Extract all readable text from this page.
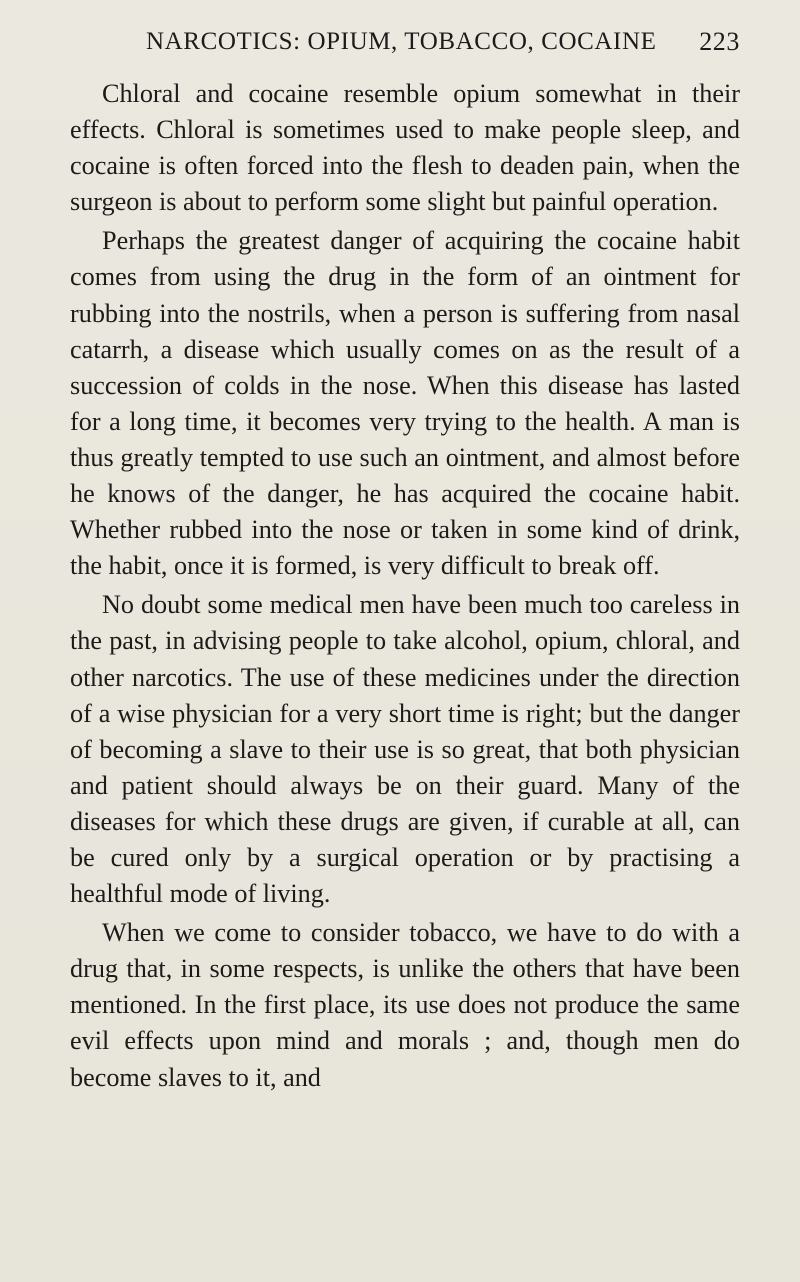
NARCOTICS: OPIUM, TOBACCO, COCAINE 223

Chloral and cocaine resemble opium somewhat in their effects. Chloral is sometimes used to make people sleep, and cocaine is often forced into the flesh to deaden pain, when the surgeon is about to perform some slight but painful operation.

Perhaps the greatest danger of acquiring the cocaine habit comes from using the drug in the form of an ointment for rubbing into the nostrils, when a person is suffering from nasal catarrh, a disease which usually comes on as the result of a succession of colds in the nose. When this disease has lasted for a long time, it becomes very trying to the health. A man is thus greatly tempted to use such an ointment, and almost before he knows of the danger, he has acquired the cocaine habit. Whether rubbed into the nose or taken in some kind of drink, the habit, once it is formed, is very difficult to break off.

No doubt some medical men have been much too careless in the past, in advising people to take alcohol, opium, chloral, and other narcotics. The use of these medicines under the direction of a wise physician for a very short time is right; but the danger of becoming a slave to their use is so great, that both physician and patient should always be on their guard. Many of the diseases for which these drugs are given, if curable at all, can be cured only by a surgical operation or by practising a healthful mode of living.

When we come to consider tobacco, we have to do with a drug that, in some respects, is unlike the others that have been mentioned. In the first place, its use does not produce the same evil effects upon mind and morals ; and, though men do become slaves to it, and
